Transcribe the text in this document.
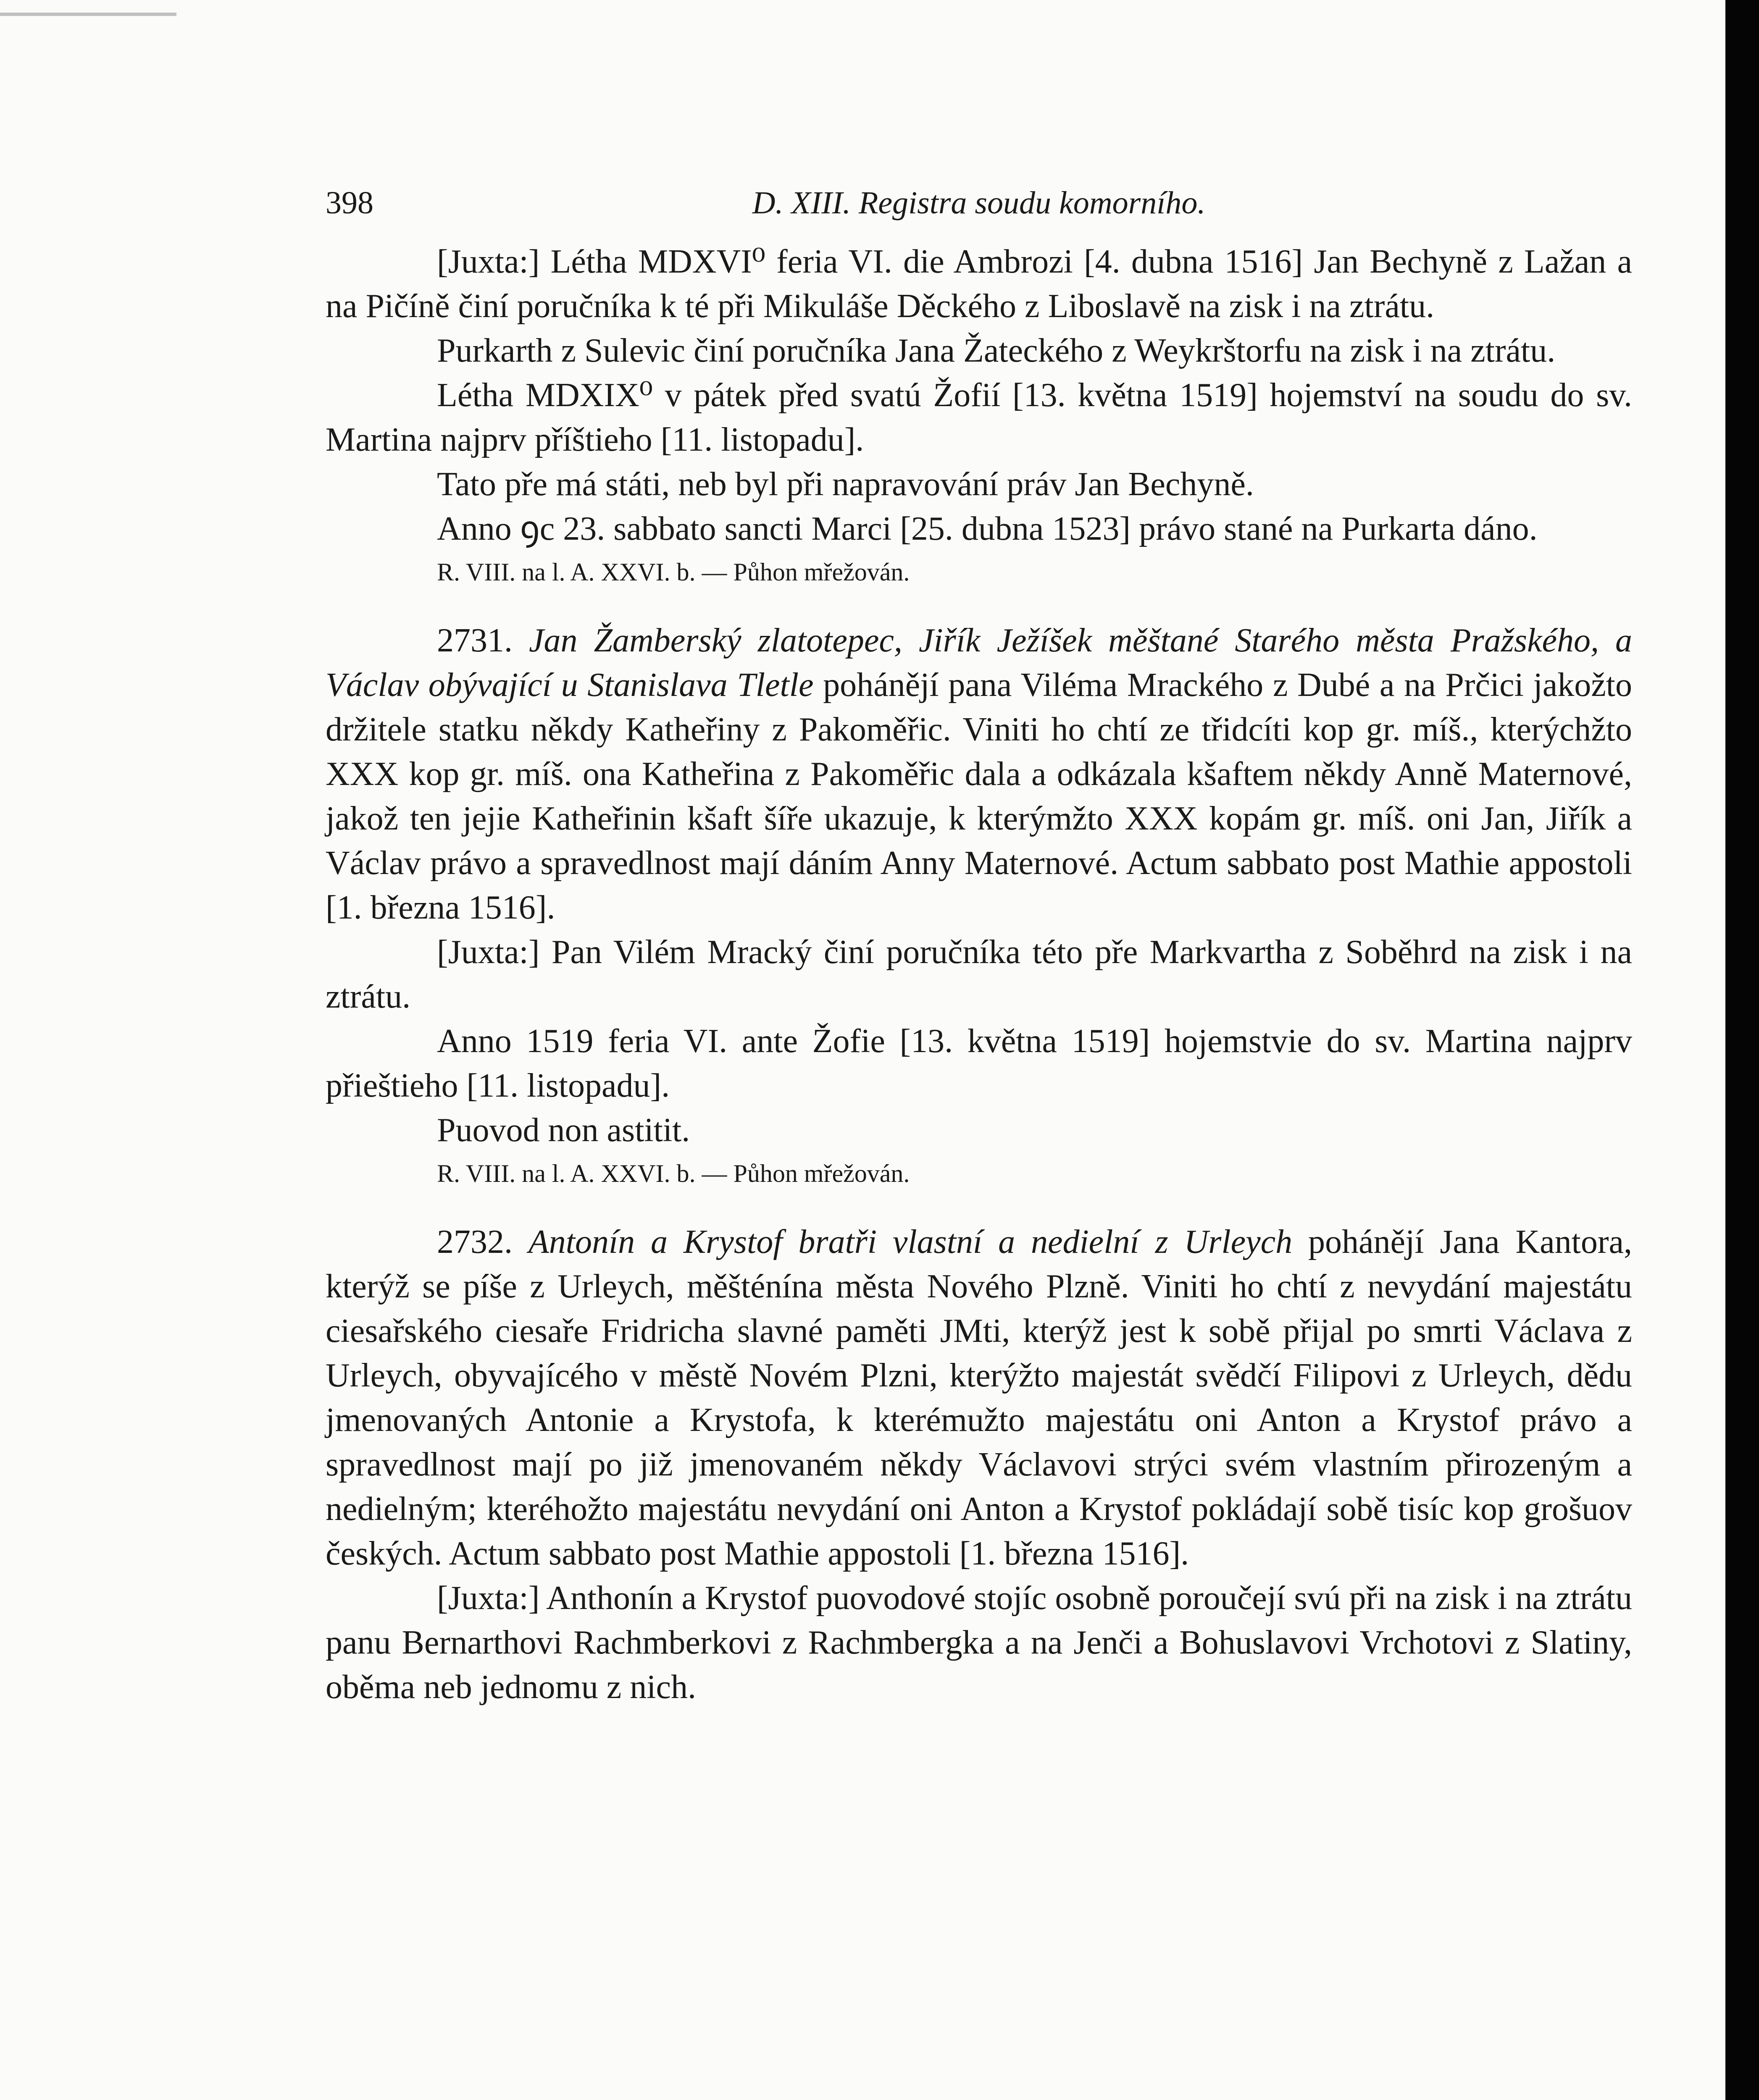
398	D. XIII. Registra soudu komorního.

[Juxta:] Létha MDXVI⁰ feria VI. die Ambrozi [4. dubna 1516] Jan Bechyně z Lažan a na Pičíně činí poručníka k té při Mikuláše Děckého z Liboslavě na zisk i na ztrátu.

Purkarth z Sulevic činí poručníka Jana Žateckého z Weykrštorfu na zisk i na ztrátu.

Létha MDXIX⁰ v pátek před svatú Žofií [13. května 1519] hojemství na soudu do sv. Martina najprv příštieho [11. listopadu].

Tato pře má státi, neb byl při napravování práv Jan Bechyně.

Anno ꝯc 23. sabbato sancti Marci [25. dubna 1523] právo stané na Purkarta dáno.

R. VIII. na l. A. XXVI. b. — Půhon mřežován.

2731. Jan Žamberský zlatotepec, Jiřík Ježíšek měštané Starého města Pražského, a Václav obývající u Stanislava Tletle pohánějí pana Viléma Mrackého z Dubé a na Prčici jakožto držitele statku někdy Katheřiny z Pakoměřic. Viniti ho chtí ze třidcíti kop gr. míš., kterýchžto XXX kop gr. míš. ona Katheřina z Pakoměřic dala a odkázala kšaftem někdy Anně Maternové, jakož ten jejie Katheřinin kšaft šíře ukazuje, k kterýmžto XXX kopám gr. míš. oni Jan, Jiřík a Václav právo a spravedlnost mají dáním Anny Maternové. Actum sabbato post Mathie appostoli [1. března 1516].

[Juxta:] Pan Vilém Mracký činí poručníka této pře Markvartha z Soběhrd na zisk i na ztrátu.

Anno 1519 feria VI. ante Žofie [13. května 1519] hojemstvie do sv. Martina najprv přieštieho [11. listopadu].

Puovod non astitit.

R. VIII. na l. A. XXVI. b. — Půhon mřežován.

2732. Antonín a Krystof bratři vlastní a nedielní z Urleych pohánějí Jana Kantora, kterýž se píše z Urleych, měšténína města Nového Plzně. Viniti ho chtí z nevydání majestátu ciesařského ciesaře Fridricha slavné paměti JMti, kterýž jest k sobě přijal po smrti Václava z Urleych, obyvajícého v městě Novém Plzni, kterýžto majestát svědčí Filipovi z Urleych, dědu jmenovaných Antonie a Krystofa, k kterémužto majestátu oni Anton a Krystof právo a spravedlnost mají po již jmenovaném někdy Václavovi strýci svém vlastním přirozeným a nedielným; kteréhožto majestátu nevydání oni Anton a Krystof pokládají sobě tisíc kop grošuov českých. Actum sabbato post Mathie appostoli [1. března 1516].

[Juxta:] Anthonín a Krystof puovodové stojíc osobně poroučejí svú při na zisk i na ztrátu panu Bernarthovi Rachmberkovi z Rachmbergka a na Jenči a Bohuslavovi Vrchotovi z Slatiny, oběma neb jednomu z nich.
